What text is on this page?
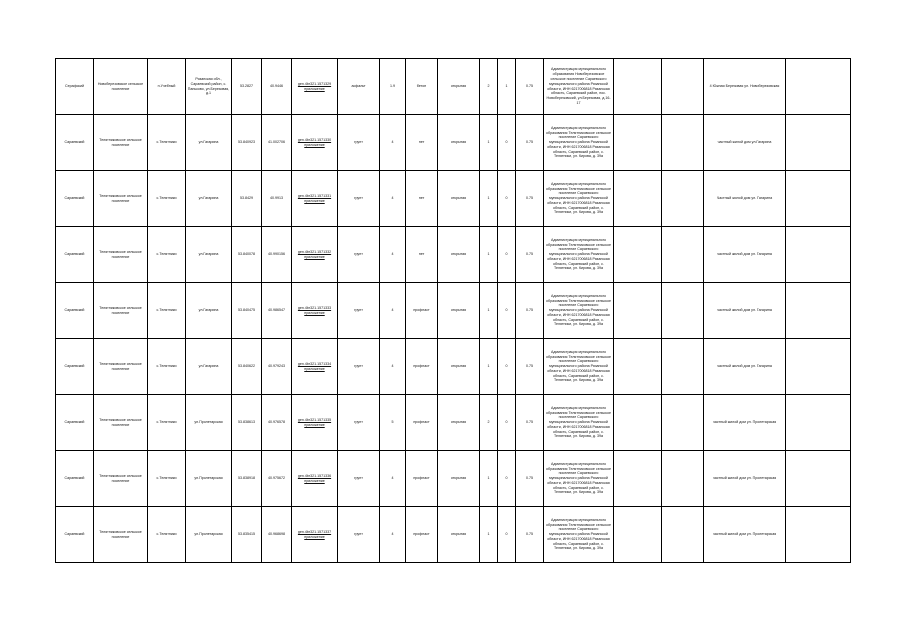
Серафский	Новоберезовское сельское поселение	п.Учебный	Рязанская обл., Сараевский район, с. Паньково, ул.Березовая, д.1	53.2827	40.9446	gen.4br321.1571329 приложение	асфальт	1.9	бетон	открытая	2	1	0.75	Администрация муниципального образования Новоберезовское сельское поселение Сараевского муниципального района Рязанской области, ИНН 6217006818 Рязанская область, Сараевский район, пос. Новоберезовский, ул.Березовая, д.16-17			4 Южная Березовая ул. Новоберезовская	
Сараевский	Телятниковское сельское поселение	с.Телятники	ул.Гагарина	53.840923	41.002706	gen.4br321.1571330 приложение	грунт	4	нет	открытая	1	0	0.75	Администрация муниципального образования Телятниковское сельское поселение Сараевского муниципального района Рязанской области, ИНН 6217006818 Рязанская область, Сараевский район, с. Телятники, ул. Кирова, д. 39а			частный жилой дом ул.Гагарина	
Сараевский	Телятниковское сельское поселение	с.Телятники	ул.Гагарина	53.8429	40.9913	gen.4br321.1571331 приложение	грунт	4	нет	открытая	1	0	0.75	Администрация муниципального образования Телятниковское сельское поселение Сараевского муниципального района Рязанской области, ИНН 6217006818 Рязанская область, Сараевский район, с. Телятники, ул. Кирова, д. 39а			Частный жилой дом ул. Гагарина	
Сараевский	Телятниковское сельское поселение	с.Телятники	ул.Гагарина	53.840078	40.990156	gen.4br321.1571332 приложение	грунт	4	нет	открытая	1	0	0.75	Администрация муниципального образования Телятниковское сельское поселение Сараевского муниципального района Рязанской области, ИНН 6217006818 Рязанская область, Сараевский район, с. Телятники, ул. Кирова, д. 39а			частный жилой дом ул. Гагарина	
Сараевский	Телятниковское сельское поселение	с.Телятники	ул.Гагарина	53.840475	40.986547	gen.4br321.1571333 приложение	грунт	4	профнаст	открытая	1	0	0.75	Администрация муниципального образования Телятниковское сельское поселение Сараевского муниципального района Рязанской области, ИНН 6217006818 Рязанская область, Сараевский район, с. Телятники, ул. Кирова, д. 39а			частный жилой дом ул. Гагарина	
Сараевский	Телятниковское сельское поселение	с.Телятники	ул.Гагарина	53.840622	40.979243	gen.4br321.1571334 приложение	грунт	4	профнаст	открытая	1	0	0.75	Администрация муниципального образования Телятниковское сельское поселение Сараевского муниципального района Рязанской области, ИНН 6217006818 Рязанская область, Сараевский район, с. Телятники, ул. Кирова, д. 39а			частный жилой дом ул. Гагарина	
Сараевский	Телятниковское сельское поселение	с.Телятники	ул.Пролетарская	53.838613	40.976578	gen.4br321.1571335 приложение	грунт	5	профнаст	открытая	2	0	0.75	Администрация муниципального образования Телятниковское сельское поселение Сараевского муниципального района Рязанской области, ИНН 6217006818 Рязанская область, Сараевский район, с. Телятники, ул. Кирова, д. 39а			частный жилой дом ул. Пролетарская	
Сараевский	Телятниковское сельское поселение	с.Телятники	ул.Пролетарская	53.838918	40.975672	gen.4br321.1571336 приложение	грунт	4	профнаст	открытая	1	0	0.75	Администрация муниципального образования Телятниковское сельское поселение Сараевского муниципального района Рязанской области, ИНН 6217006818 Рязанская область, Сараевский район, с. Телятники, ул. Кирова, д. 39а			частный жилой дом ул. Пролетарская	
Сараевский	Телятниковское сельское поселение	с.Телятники	ул.Пролетарская	53.835415	40.968698	gen.4br321.1571337 приложение	грунт	4	профнаст	открытая	1	0	0.75	Администрация муниципального образования Телятниковское сельское поселение Сараевского муниципального района Рязанской области, ИНН 6217006818 Рязанская область, Сараевский район, с. Телятники, ул. Кирова, д. 39а			частный жилой дом ул. Пролетарская	
